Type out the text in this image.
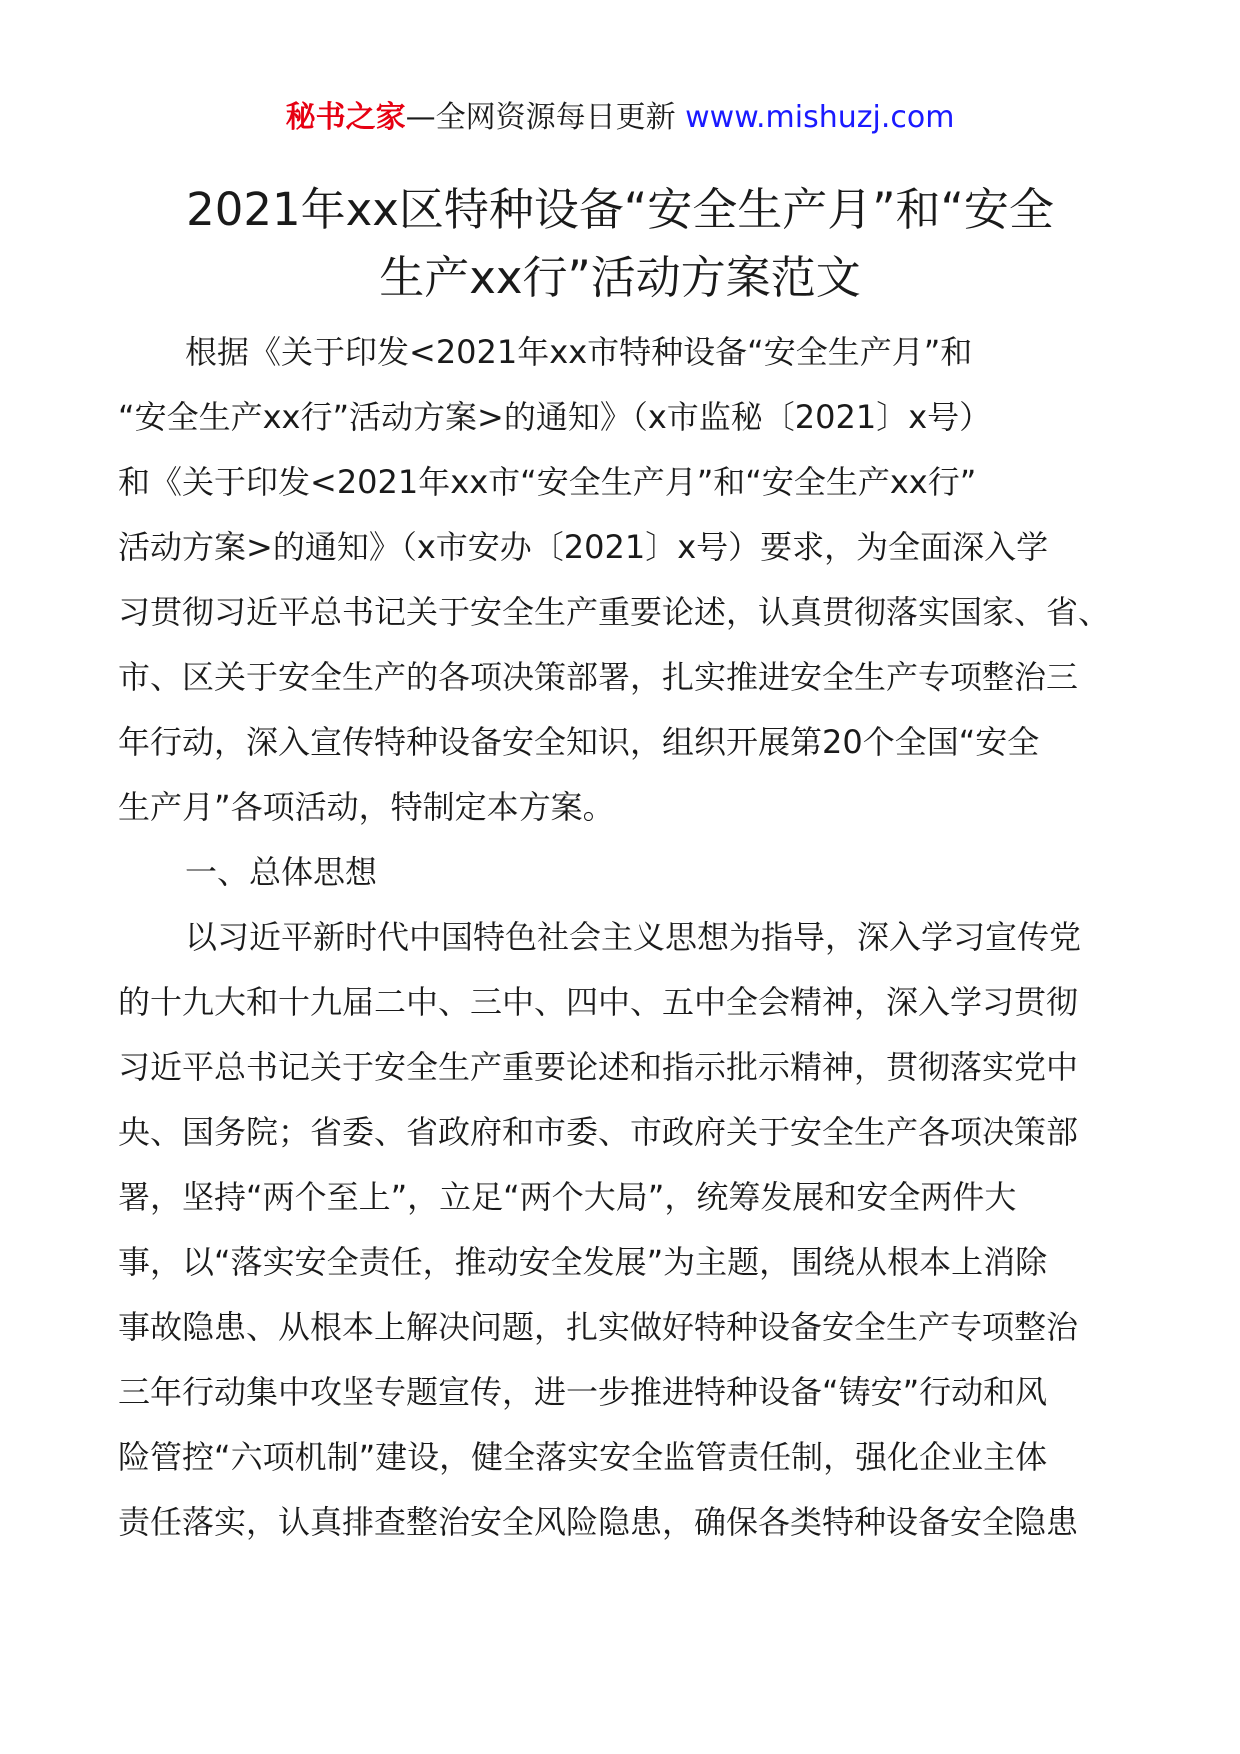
秘书之家—全网资源每日更新 www.mishuzj.com
2021年xx区特种设备“安全生产月”和“安全
生产xx行”活动方案范文

根据《关于印发<2021年xx市特种设备“安全生产月”和
“安全生产xx行”活动方案>的通知》（x市监秘〔2021〕x号）
和《关于印发<2021年xx市“安全生产月”和“安全生产xx行”
活动方案>的通知》（x市安办〔2021〕x号）要求，为全面深入学
习贯彻习近平总书记关于安全生产重要论述，认真贯彻落实国家、省、
市、区关于安全生产的各项决策部署，扎实推进安全生产专项整治三
年行动，深入宣传特种设备安全知识，组织开展第20个全国“安全
生产月”各项活动，特制定本方案。

一、总体思想

以习近平新时代中国特色社会主义思想为指导，深入学习宣传党
的十九大和十九届二中、三中、四中、五中全会精神，深入学习贯彻
习近平总书记关于安全生产重要论述和指示批示精神，贯彻落实党中
央、国务院；省委、省政府和市委、市政府关于安全生产各项决策部
署，坚持“两个至上”，立足“两个大局”，统筹发展和安全两件大
事，以“落实安全责任，推动安全发展”为主题，围绕从根本上消除
事故隐患、从根本上解决问题，扎实做好特种设备安全生产专项整治
三年行动集中攻坚专题宣传，进一步推进特种设备“铸安”行动和风
险管控“六项机制”建设，健全落实安全监管责任制，强化企业主体
责任落实，认真排查整治安全风险隐患，确保各类特种设备安全隐患
